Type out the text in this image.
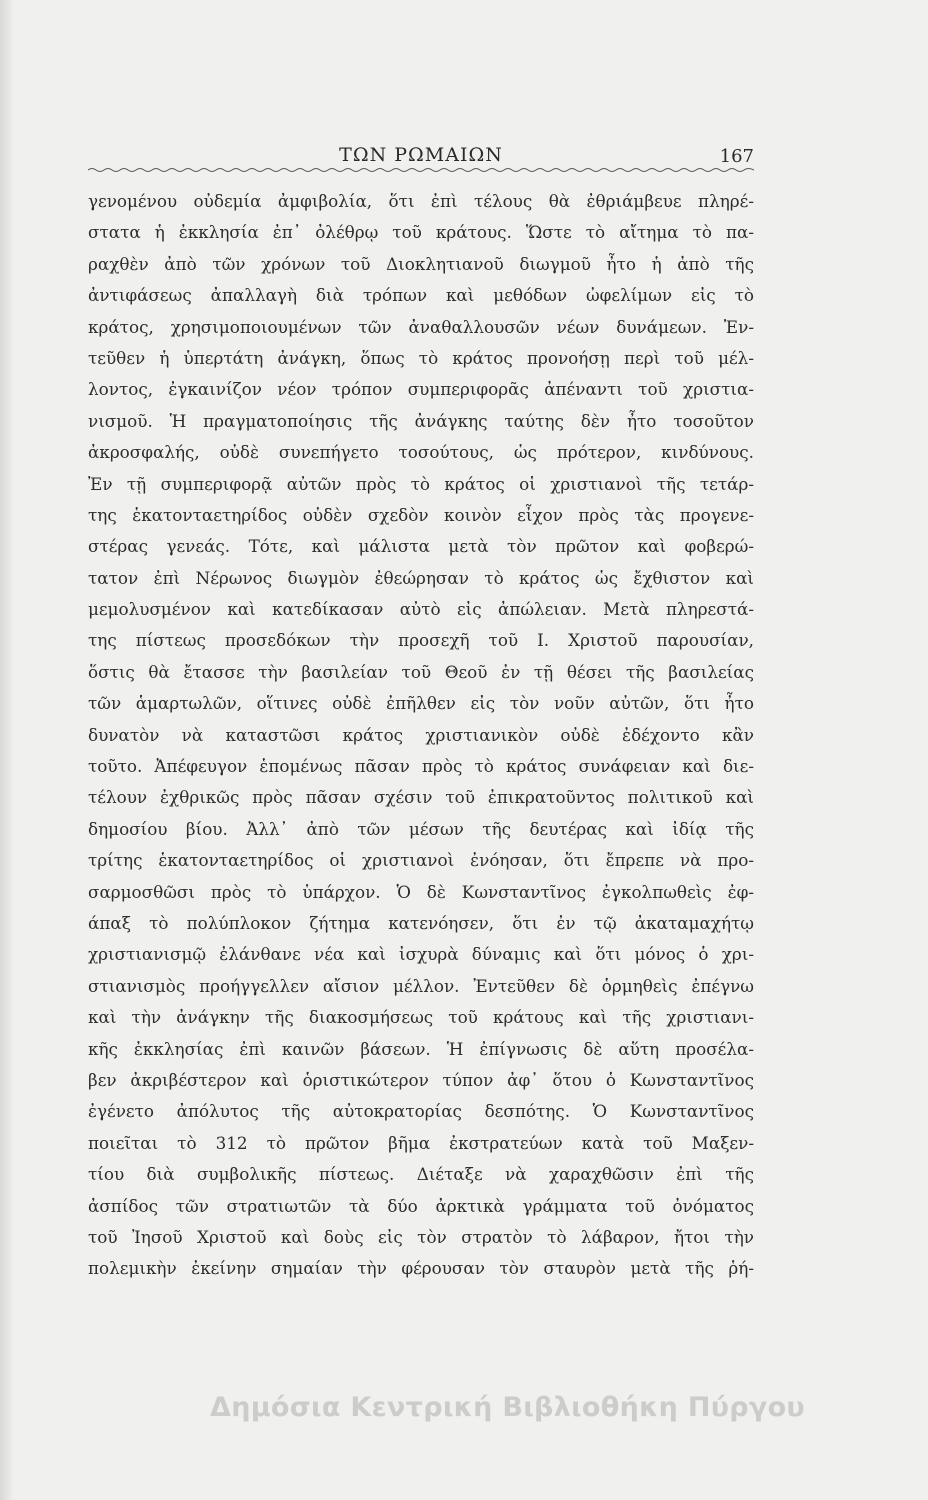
ΤΩΝ ΡΩΜΑΙΩΝ	167
γενομένου οὐδεμία ἀμφιβολία, ὅτι ἐπὶ τέλους θὰ ἐθριάμβευε πληρέ-
στατα ἡ ἐκκλησία ἐπ᾽ ὀλέθρῳ τοῦ κράτους. Ὥστε τὸ αἴτημα τὸ πα-
ραχθὲν ἀπὸ τῶν χρόνων τοῦ Διοκλητιανοῦ διωγμοῦ ἦτο ἡ ἀπὸ τῆς
ἀντιφάσεως ἀπαλλαγὴ διὰ τρόπων καὶ μεθόδων ὠφελίμων εἰς τὸ
κράτος, χρησιμοποιουμένων τῶν ἀναθαλλουσῶν νέων δυνάμεων. Ἐν-
τεῦθεν ἡ ὑπερτάτη ἀνάγκη, ὅπως τὸ κράτος προνοήσῃ περὶ τοῦ μέλ-
λοντος, ἐγκαινίζον νέον τρόπον συμπεριφορᾶς ἀπέναντι τοῦ χριστια-
νισμοῦ. Ἡ πραγματοποίησις τῆς ἀνάγκης ταύτης δὲν ἦτο τοσοῦτον
ἀκροσφαλής, οὐδὲ συνεπήγετο τοσούτους, ὡς πρότερον, κινδύνους.
Ἐν τῇ συμπεριφορᾷ αὐτῶν πρὸς τὸ κράτος οἱ χριστιανοὶ τῆς τετάρ-
της ἑκατονταετηρίδος οὐδὲν σχεδὸν κοινὸν εἶχον πρὸς τὰς προγενε-
στέρας γενεάς. Τότε, καὶ μάλιστα μετὰ τὸν πρῶτον καὶ φοβερώ-
τατον ἐπὶ Νέρωνος διωγμὸν ἐθεώρησαν τὸ κράτος ὡς ἔχθιστον καὶ
μεμολυσμένον καὶ κατεδίκασαν αὐτὸ εἰς ἀπώλειαν. Μετὰ πληρεστά-
της πίστεως προσεδόκων τὴν προσεχῆ τοῦ Ι. Χριστοῦ παρουσίαν,
ὅστις θὰ ἔτασσε τὴν βασιλείαν τοῦ Θεοῦ ἐν τῇ θέσει τῆς βασιλείας
τῶν ἁμαρτωλῶν, οἵτινες οὐδὲ ἐπῆλθεν εἰς τὸν νοῦν αὐτῶν, ὅτι ἦτο
δυνατὸν νὰ καταστῶσι κράτος χριστιανικὸν οὐδὲ ἐδέχοντο κἂν
τοῦτο. Ἀπέφευγον ἑπομένως πᾶσαν πρὸς τὸ κράτος συνάφειαν καὶ διε-
τέλουν ἐχθρικῶς πρὸς πᾶσαν σχέσιν τοῦ ἐπικρατοῦντος πολιτικοῦ καὶ
δημοσίου βίου. Ἀλλ᾽ ἀπὸ τῶν μέσων τῆς δευτέρας καὶ ἰδίᾳ τῆς
τρίτης ἑκατονταετηρίδος οἱ χριστιανοὶ ἐνόησαν, ὅτι ἔπρεπε νὰ προ-
σαρμοσθῶσι πρὸς τὸ ὑπάρχον. Ὁ δὲ Κωνσταντῖνος ἐγκολπωθεὶς ἐφ-
άπαξ τὸ πολύπλοκον ζήτημα κατενόησεν, ὅτι ἐν τῷ ἀκαταμαχήτῳ
χριστιανισμῷ ἐλάνθανε νέα καὶ ἰσχυρὰ δύναμις καὶ ὅτι μόνος ὁ χρι-
στιανισμὸς προήγγελλεν αἴσιον μέλλον. Ἐντεῦθεν δὲ ὁρμηθεὶς ἐπέγνω
καὶ τὴν ἀνάγκην τῆς διακοσμήσεως τοῦ κράτους καὶ τῆς χριστιανι-
κῆς ἐκκλησίας ἐπὶ καινῶν βάσεων. Ἡ ἐπίγνωσις δὲ αὕτη προσέλα-
βεν ἀκριβέστερον καὶ ὁριστικώτερον τύπον ἀφ᾽ ὅτου ὁ Κωνσταντῖνος
ἐγένετο ἀπόλυτος τῆς αὐτοκρατορίας δεσπότης. Ὁ Κωνσταντῖνος
ποιεῖται τὸ 312 τὸ πρῶτον βῆμα ἐκστρατεύων κατὰ τοῦ Μαξεν-
τίου διὰ συμβολικῆς πίστεως. Διέταξε νὰ χαραχθῶσιν ἐπὶ τῆς
ἀσπίδος τῶν στρατιωτῶν τὰ δύο ἀρκτικὰ γράμματα τοῦ ὀνόματος
τοῦ Ἰησοῦ Χριστοῦ καὶ δοὺς εἰς τὸν στρατὸν τὸ λάβαρον, ἤτοι τὴν
πολεμικὴν ἐκείνην σημαίαν τὴν φέρουσαν τὸν σταυρὸν μετὰ τῆς ῥή-
Δημόσια Κεντρική Βιβλιοθήκη Πύργου
